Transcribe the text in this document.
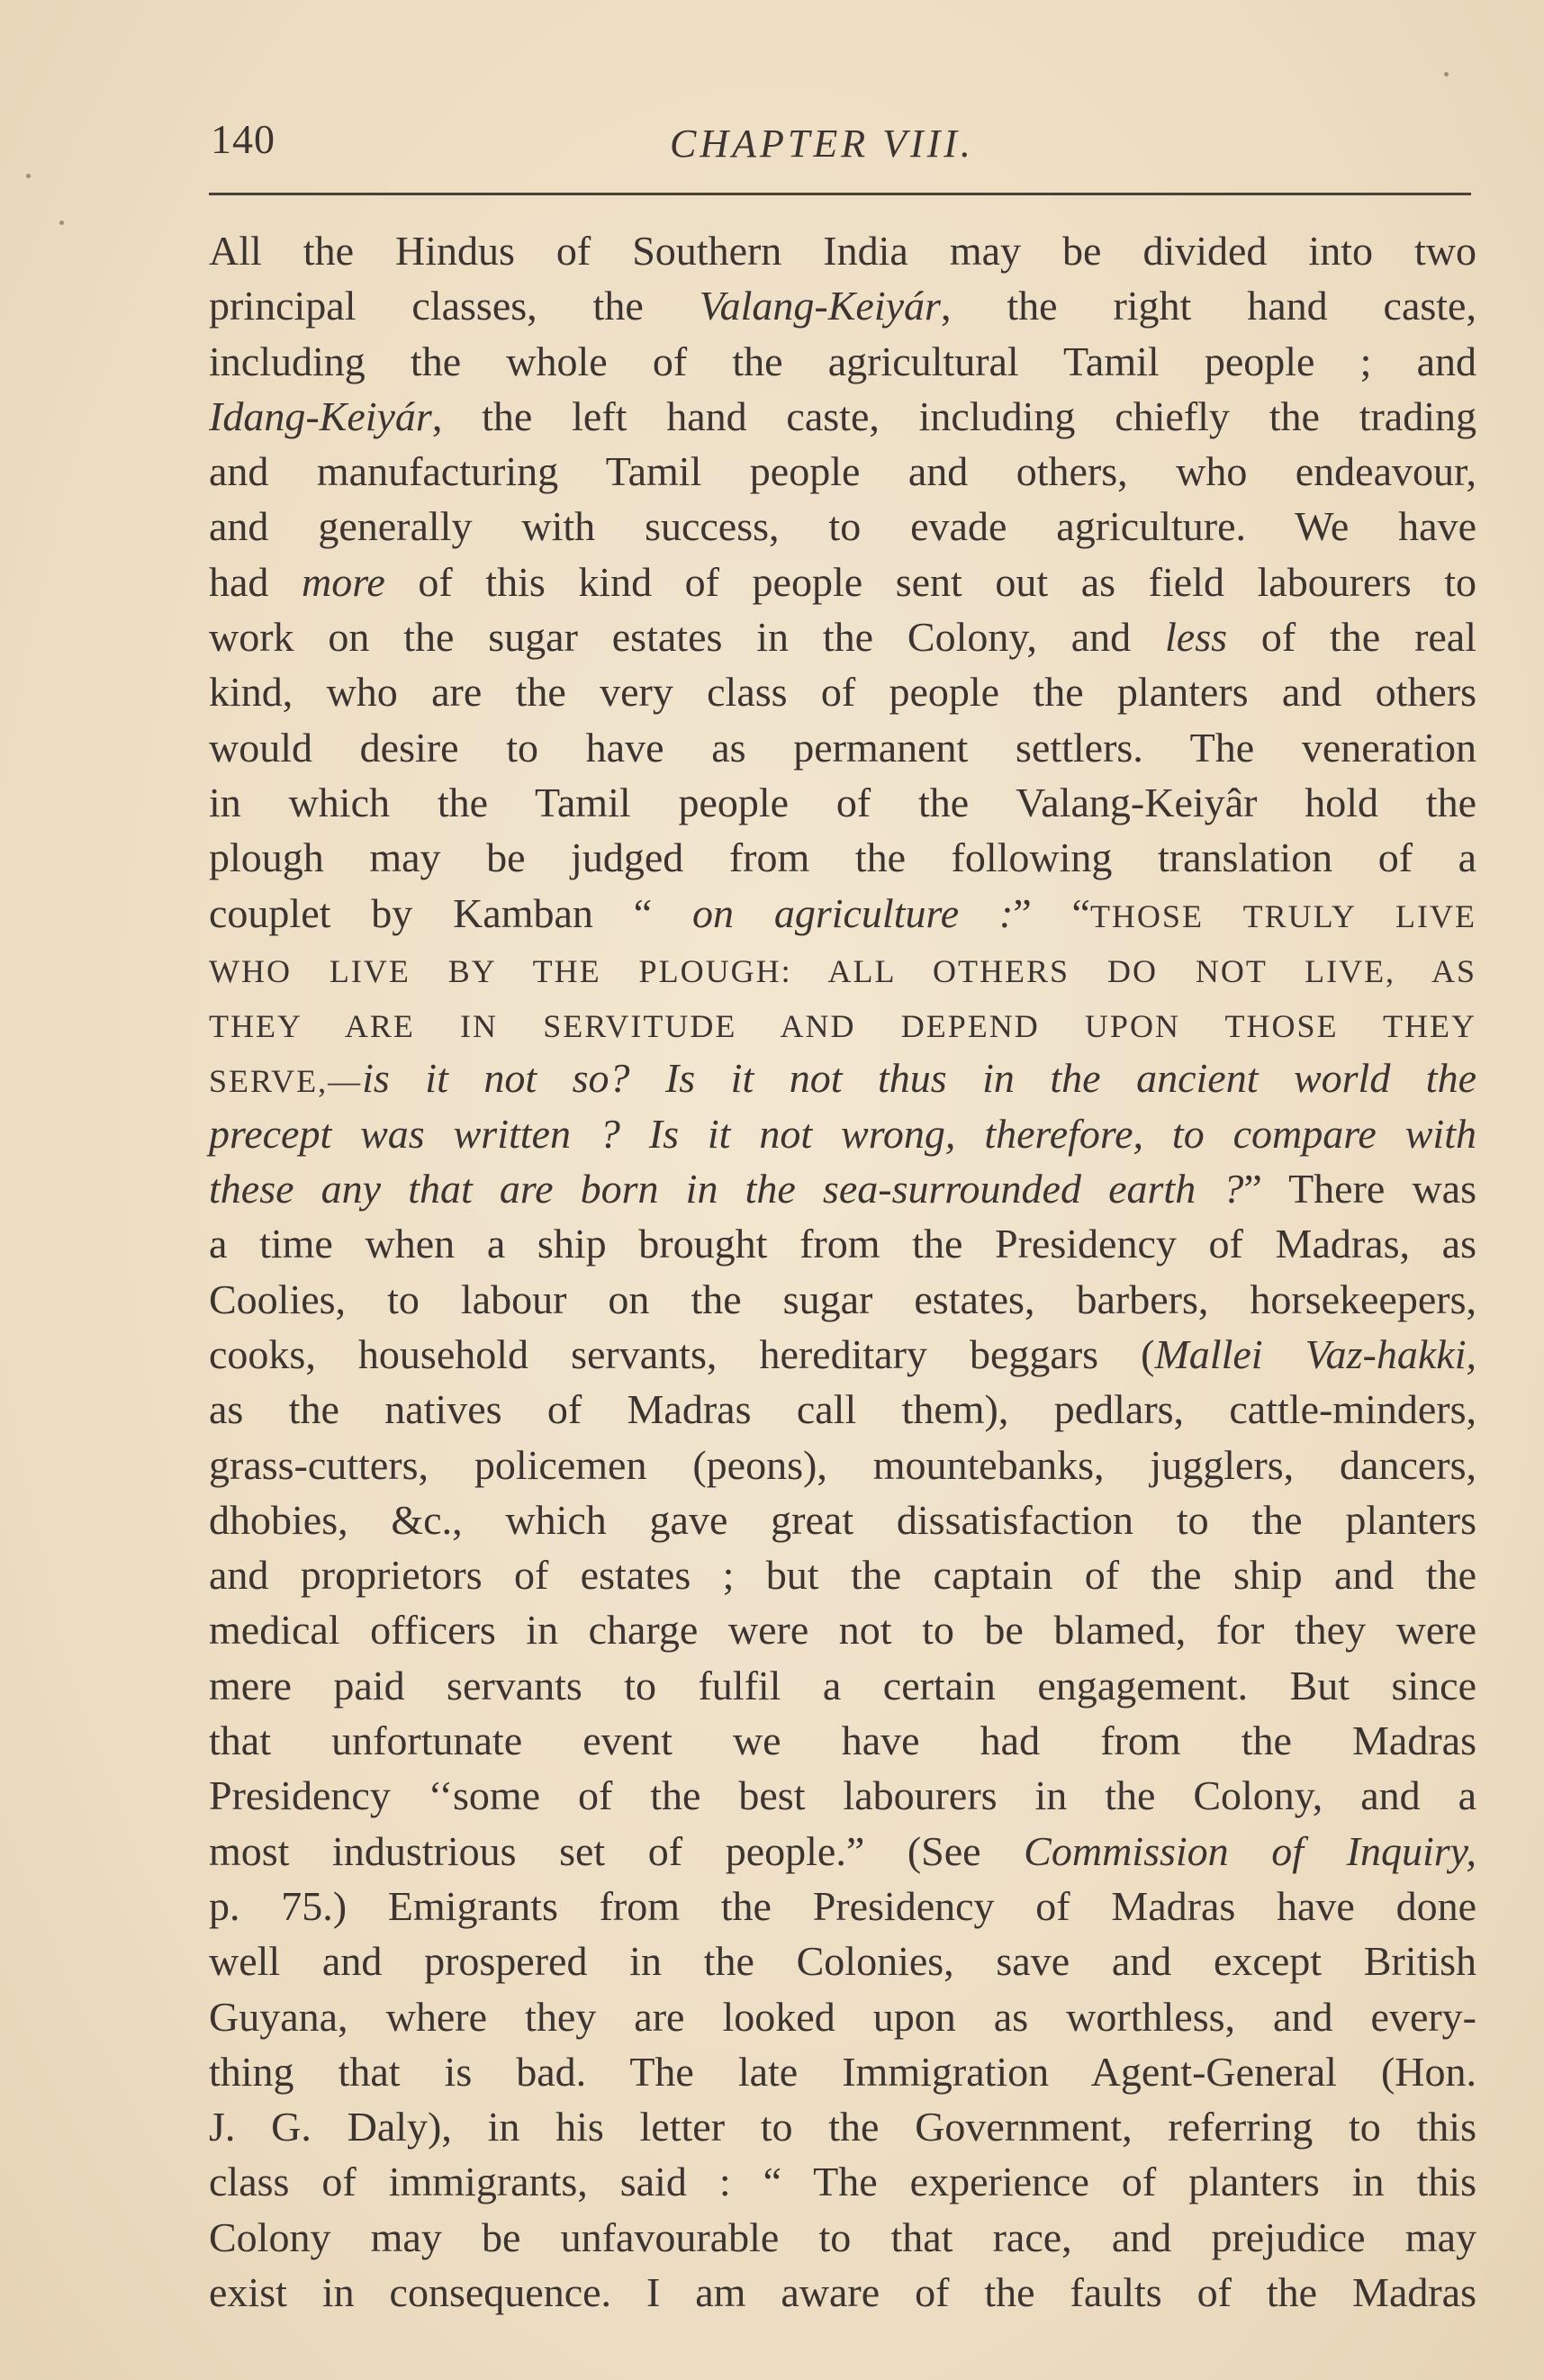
140	CHAPTER VIII.
All the Hindus of Southern India may be divided into two
principal classes, the Valang-Keiyár, the right hand caste,
including the whole of the agricultural Tamil people ; and
Idang-Keiyár, the left hand caste, including chiefly the trading
and manufacturing Tamil people and others, who endeavour,
and generally with success, to evade agriculture. We have
had more of this kind of people sent out as field labourers to
work on the sugar estates in the Colony, and less of the real
kind, who are the very class of people the planters and others
would desire to have as permanent settlers. The veneration
in which the Tamil people of the Valang-Keiyâr hold the
plough may be judged from the following translation of a
couplet by Kamban “ on agriculture :” “THOSE TRULY LIVE
WHO LIVE BY THE PLOUGH: ALL OTHERS DO NOT LIVE, AS
THEY ARE IN SERVITUDE AND DEPEND UPON THOSE THEY
SERVE,—is it not so? Is it not thus in the ancient world the
precept was written ? Is it not wrong, therefore, to compare with
these any that are born in the sea-surrounded earth ?” There was
a time when a ship brought from the Presidency of Madras, as
Coolies, to labour on the sugar estates, barbers, horsekeepers,
cooks, household servants, hereditary beggars (Mallei Vaz-hakki,
as the natives of Madras call them), pedlars, cattle-minders,
grass-cutters, policemen (peons), mountebanks, jugglers, dancers,
dhobies, &c., which gave great dissatisfaction to the planters
and proprietors of estates ; but the captain of the ship and the
medical officers in charge were not to be blamed, for they were
mere paid servants to fulfil a certain engagement. But since
that unfortunate event we have had from the Madras
Presidency ‘‘some of the best labourers in the Colony, and a
most industrious set of people.” (See Commission of Inquiry,
p. 75.) Emigrants from the Presidency of Madras have done
well and prospered in the Colonies, save and except British
Guyana, where they are looked upon as worthless, and every-
thing that is bad. The late Immigration Agent-General (Hon.
J. G. Daly), in his letter to the Government, referring to this
class of immigrants, said : “ The experience of planters in this
Colony may be unfavourable to that race, and prejudice may
exist in consequence. I am aware of the faults of the Madras
